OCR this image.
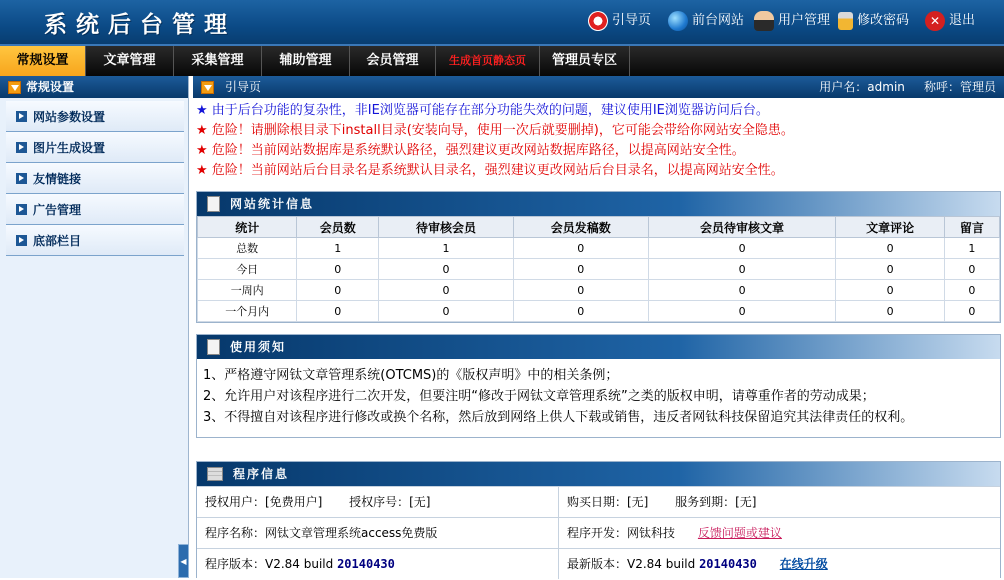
系统后台管理	引导页	前台网站	用户管理 修改密码	✕ 退出
常规设置	文章管理	采集管理	辅助管理	会员管理	生成首页静态页	管理员专区
常规设置
网站参数设置
图片生成设置
友情链接
广告管理
底部栏目
◀
引导页	用户名：admin 称呼：管理员
★ 由于后台功能的复杂性，非IE浏览器可能存在部分功能失效的问题，建议使用IE浏览器访问后台。
★ 危险！请删除根目录下install目录(安装向导，使用一次后就要删掉)，它可能会带给你网站安全隐患。
★ 危险！当前网站数据库是系统默认路径，强烈建议更改网站数据库路径，以提高网站安全性。
★ 危险！当前网站后台目录名是系统默认目录名，强烈建议更改网站后台目录名，以提高网站安全性。
网站统计信息
统计	会员数	待审核会员	会员发稿数	会员待审核文章	文章评论	留言
总数	1	1	0	0	0	1
今日	0	0	0	0	0	0
一周内	0	0	0	0	0	0
一个月内	0	0	0	0	0	0
使用须知
1、严格遵守网钛文章管理系统(OTCMS)的《版权声明》中的相关条例；
2、允许用户对该程序进行二次开发，但要注明“修改于网钛文章管理系统”之类的版权申明，请尊重作者的劳动成果；
3、不得擅自对该程序进行修改或换个名称，然后放到网络上供人下载或销售，违反者网钛科技保留追究其法律责任的权利。
程序信息
授权用户：[免费用户] 授权序号：[无]	购买日期：[无] 服务到期：[无]
程序名称：网钛文章管理系统access免费版	程序开发：网钛科技 反馈问题或建议
程序版本：V2.84 build 20140430	最新版本：V2.84 build 20140430 在线升级
